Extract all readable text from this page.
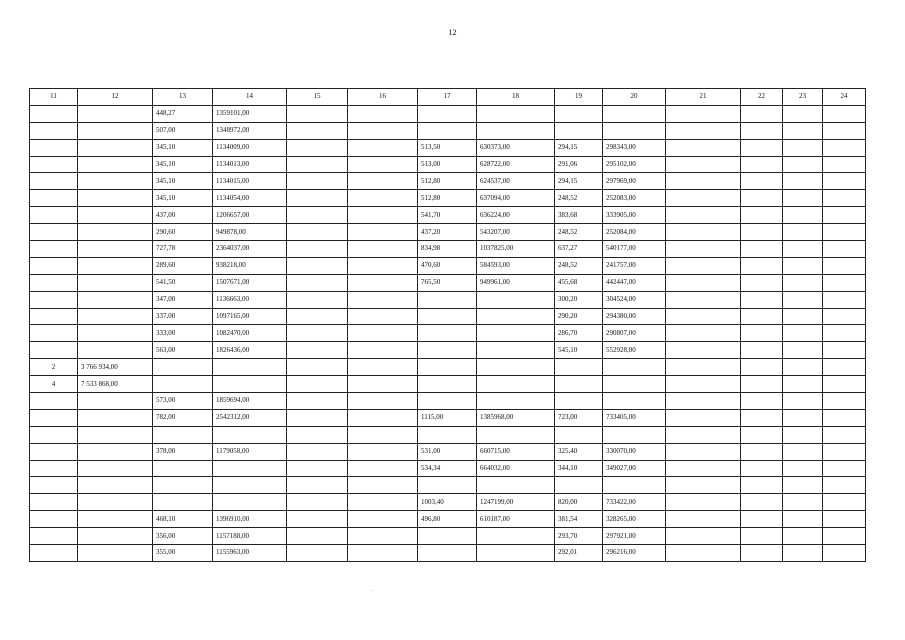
12
11	12	13	14	15	16	17	18	19	20	21	22	23	24
		448,27	1359101,00										
		507,00	1348972,00										
		345,10	1134009,00			513,50	630373,00	294,15	298343,00				
		345,10	1134013,00			513,00	628722,00	291,06	295102,00				
		345,10	1134015,00			512,80	624537,00	294,15	297969,00				
		345,10	1134054,00			512,80	637094,00	248,52	252083,00				
		437,00	1206657,00			541,70	636224,00	383,68	333905,00				
		290,60	949878,00			437,20	543207,00	248,52	252084,00				
		727,78	2364037,00			834,98	1037825,00	637,27	540177,00				
		289,60	938218,00			470,60	584593,00	248,52	241757,00				
		541,50	1507671,00			765,50	949961,00	455,68	442447,00				
		347,00	1136663,00					300,20	304524,00				
		337,00	1097165,00					290,20	294380,00				
		333,00	1082470,00					286,70	290807,00				
		563,00	1826436,00					545,10	552928,00				
2	3 766 934,00												
4	7 533 868,00												
		573,00	1859694,00										
		782,00	2542312,00			1115,00	1385968,00	723,00	733405,00				

		378,00	1179058,00			531,00	660715,00	325,40	330070,00				
						534,34	664032,00	344,10	349027,00				

						1003,40	1247199,00	820,00	733422,00				
		468,10	1396910,00			496,80	610187,00	381,54	328265,00				
		356,00	1157188,00					293,70	297921,00				
		355,00	1155963,00					292,01	296216,00				
·
